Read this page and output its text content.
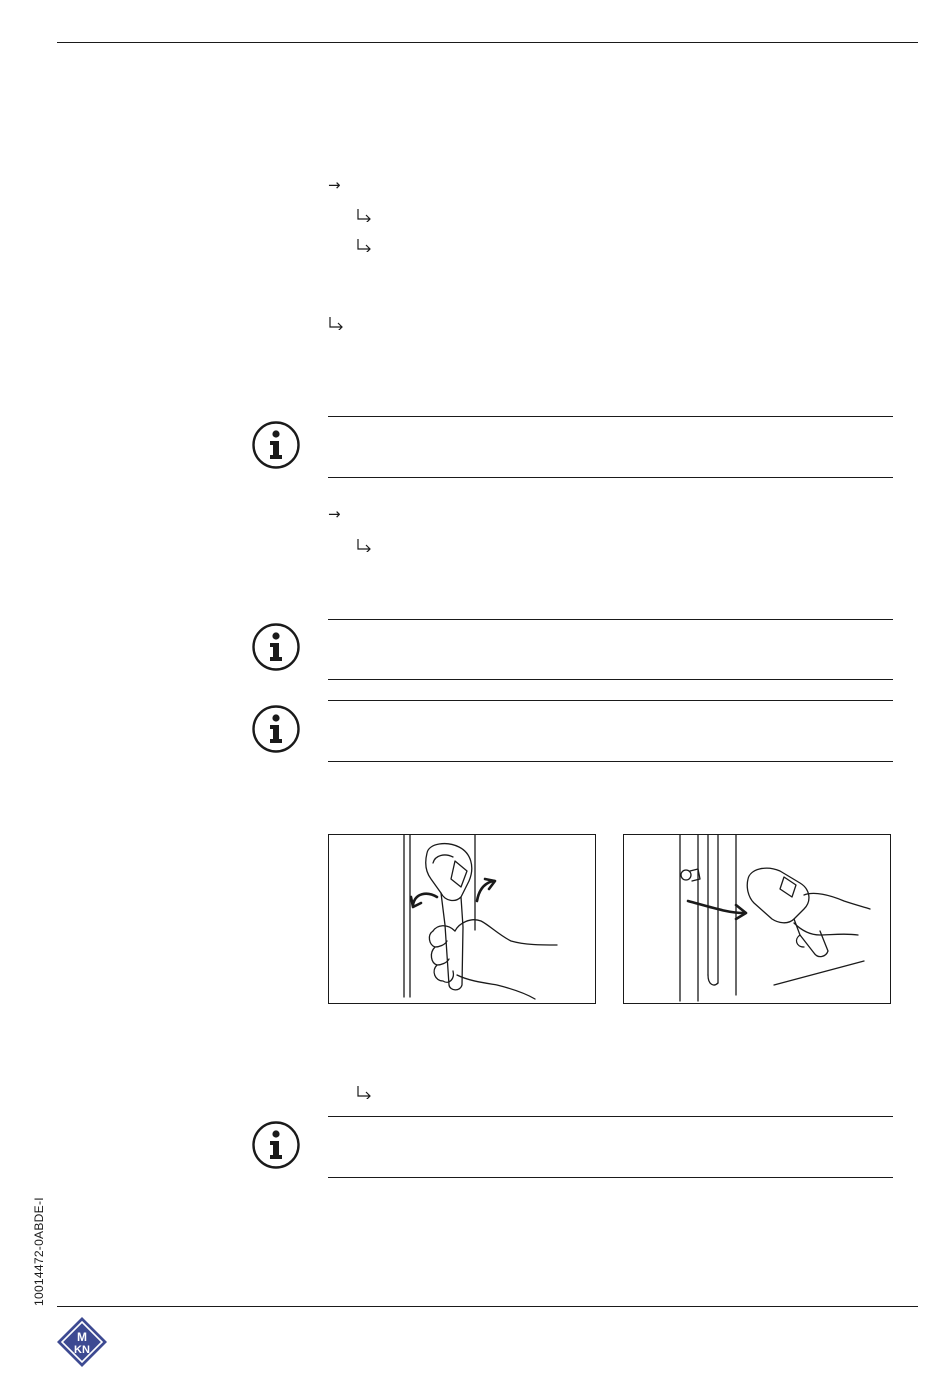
→
→
10014472-0ABDE-I
M
KN
